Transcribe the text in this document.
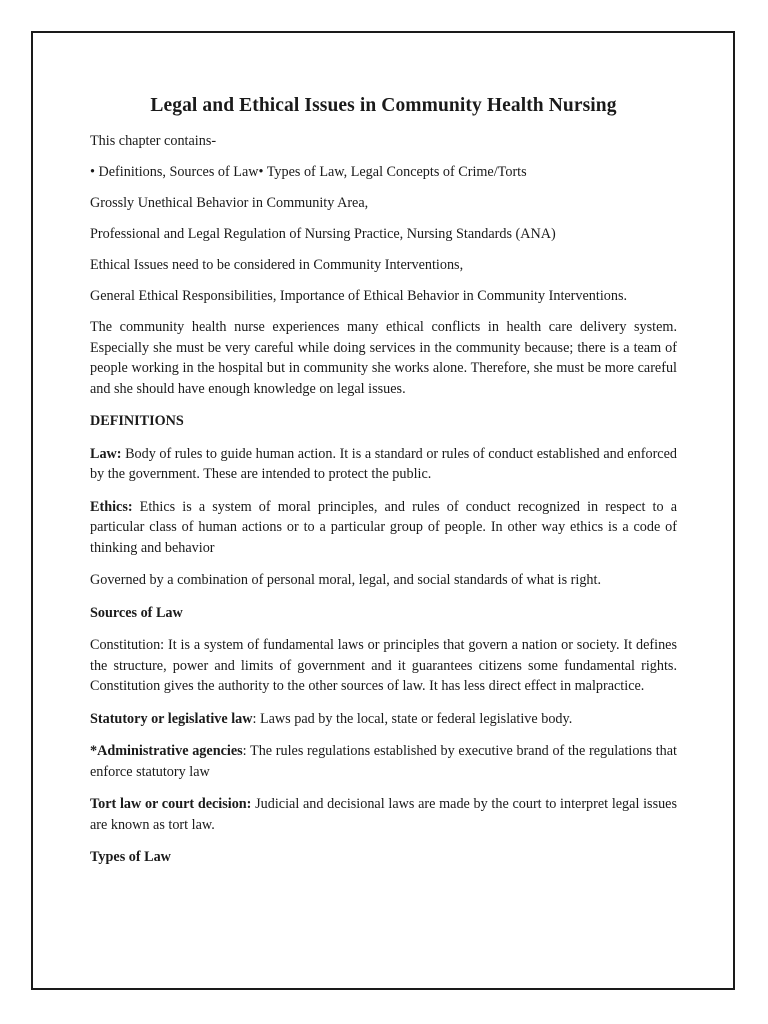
Legal and Ethical Issues in Community Health Nursing

This chapter contains-

• Definitions, Sources of Law• Types of Law, Legal Concepts of Crime/Torts

Grossly Unethical Behavior in Community Area,

Professional and Legal Regulation of Nursing Practice, Nursing Standards (ANA)

Ethical Issues need to be considered in Community Interventions,

General Ethical Responsibilities, Importance of Ethical Behavior in Community Interventions.

The community health nurse experiences many ethical conflicts in health care delivery system. Especially she must be very careful while doing services in the community because; there is a team of people working in the hospital but in community she works alone. Therefore, she must be more careful and she should have enough knowledge on legal issues.

DEFINITIONS

Law: Body of rules to guide human action. It is a standard or rules of conduct established and enforced by the government. These are intended to protect the public.

Ethics: Ethics is a system of moral principles, and rules of conduct recognized in respect to a particular class of human actions or to a particular group of people. In other way ethics is a code of thinking and behavior

Governed by a combination of personal moral, legal, and social standards of what is right.

Sources of Law

Constitution: It is a system of fundamental laws or principles that govern a nation or society. It defines the structure, power and limits of government and it guarantees citizens some fundamental rights. Constitution gives the authority to the other sources of law. It has less direct effect in malpractice.

Statutory or legislative law: Laws pad by the local, state or federal legislative body.

*Administrative agencies: The rules regulations established by executive brand of the regulations that enforce statutory law

Tort law or court decision: Judicial and decisional laws are made by the court to interpret legal issues are known as tort law.

Types of Law
